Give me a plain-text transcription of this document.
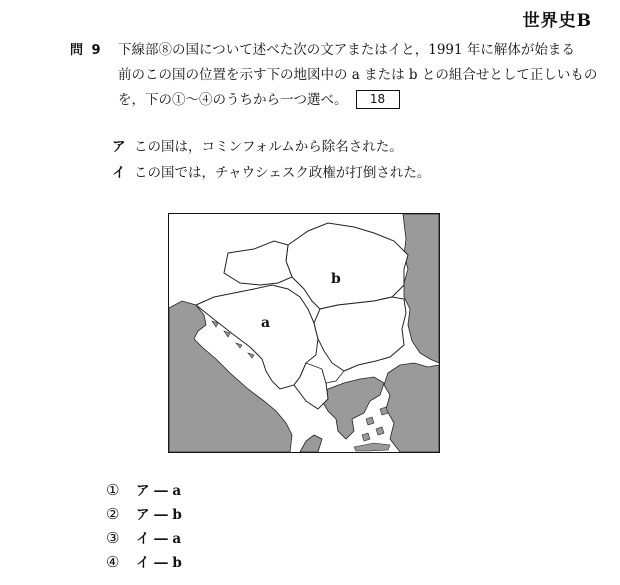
世界史B
問 9 下線部⑧の国について述べた次の文アまたはイと，1991 年に解体が始まる
前のこの国の位置を示す下の地図中の a または b との組合せとして正しいもの
を，下の①～④のうちから一つ選べ。 18
ア この国は，コミンフォルムから除名された。
イ この国では，チャウシェスク政権が打倒された。
b
a
① ア ― a
② ア ― b
③ イ ― a
④ イ ― b
